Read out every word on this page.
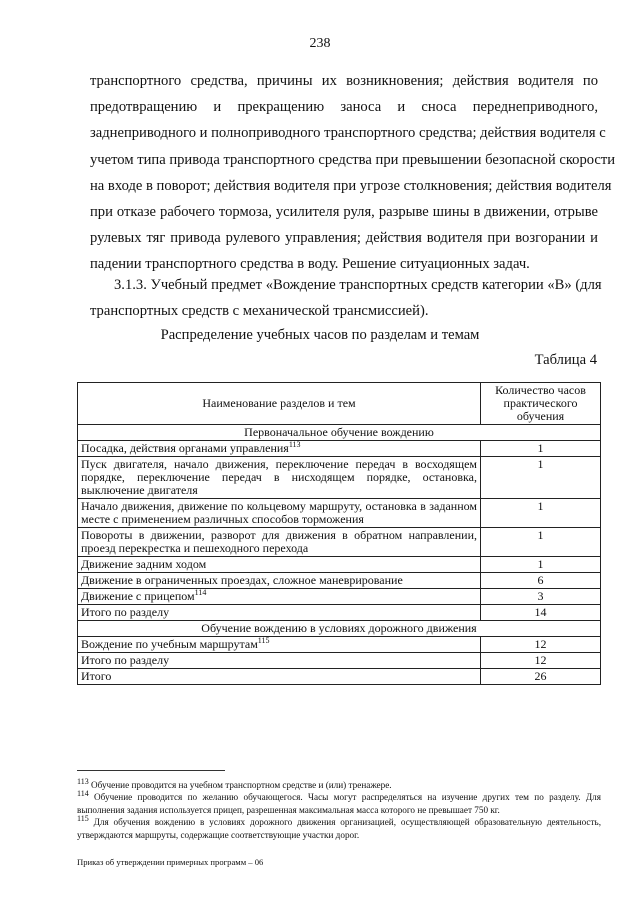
238
транспортного средства, причины их возникновения; действия водителя по
предотвращению и прекращению заноса и сноса переднеприводного,
заднеприводного и полноприводного транспортного средства; действия водителя с
учетом типа привода транспортного средства при превышении безопасной скорости
на входе в поворот; действия водителя при угрозе столкновения; действия водителя
при отказе рабочего тормоза, усилителя руля, разрыве шины в движении, отрыве
рулевых тяг привода рулевого управления; действия водителя при возгорании и
падении транспортного средства в воду. Решение ситуационных задач.
3.1.3. Учебный предмет «Вождение транспортных средств категории «B» (для
транспортных средств с механической трансмиссией).
Распределение учебных часов по разделам и темам
Таблица 4
Наименование разделов и тем	Количество часов практического обучения
Первоначальное обучение вождению	
Посадка, действия органами управления$^{113}$	1
Пуск двигателя, начало движения, переключение передач в восходящем порядке, переключение передач в нисходящем порядке, остановка, выключение двигателя	1
Начало движения, движение по кольцевому маршруту, остановка в заданном месте с применением различных способов торможения	1
Повороты в движении, разворот для движения в обратном направлении, проезд перекрестка и пешеходного перехода	1
Движение задним ходом	1
Движение в ограниченных проездах, сложное маневрирование	6
Движение с прицепом$^{114}$	3
Итого по разделу	14
Обучение вождению в условиях дорожного движения	
Вождение по учебным маршрутам$^{115}$	12
Итого по разделу	12
Итого	26
$^{113}$ Обучение проводится на учебном транспортном средстве и (или) тренажере.
$^{114}$ Обучение проводится по желанию обучающегося. Часы могут распределяться на изучение других тем по разделу. Для выполнения задания используется прицеп, разрешенная максимальная масса которого не превышает 750 кг.
$^{115}$ Для обучения вождению в условиях дорожного движения организацией, осуществляющей образовательную деятельность, утверждаются маршруты, содержащие соответствующие участки дорог.
Приказ об утверждении примерных программ – 06
